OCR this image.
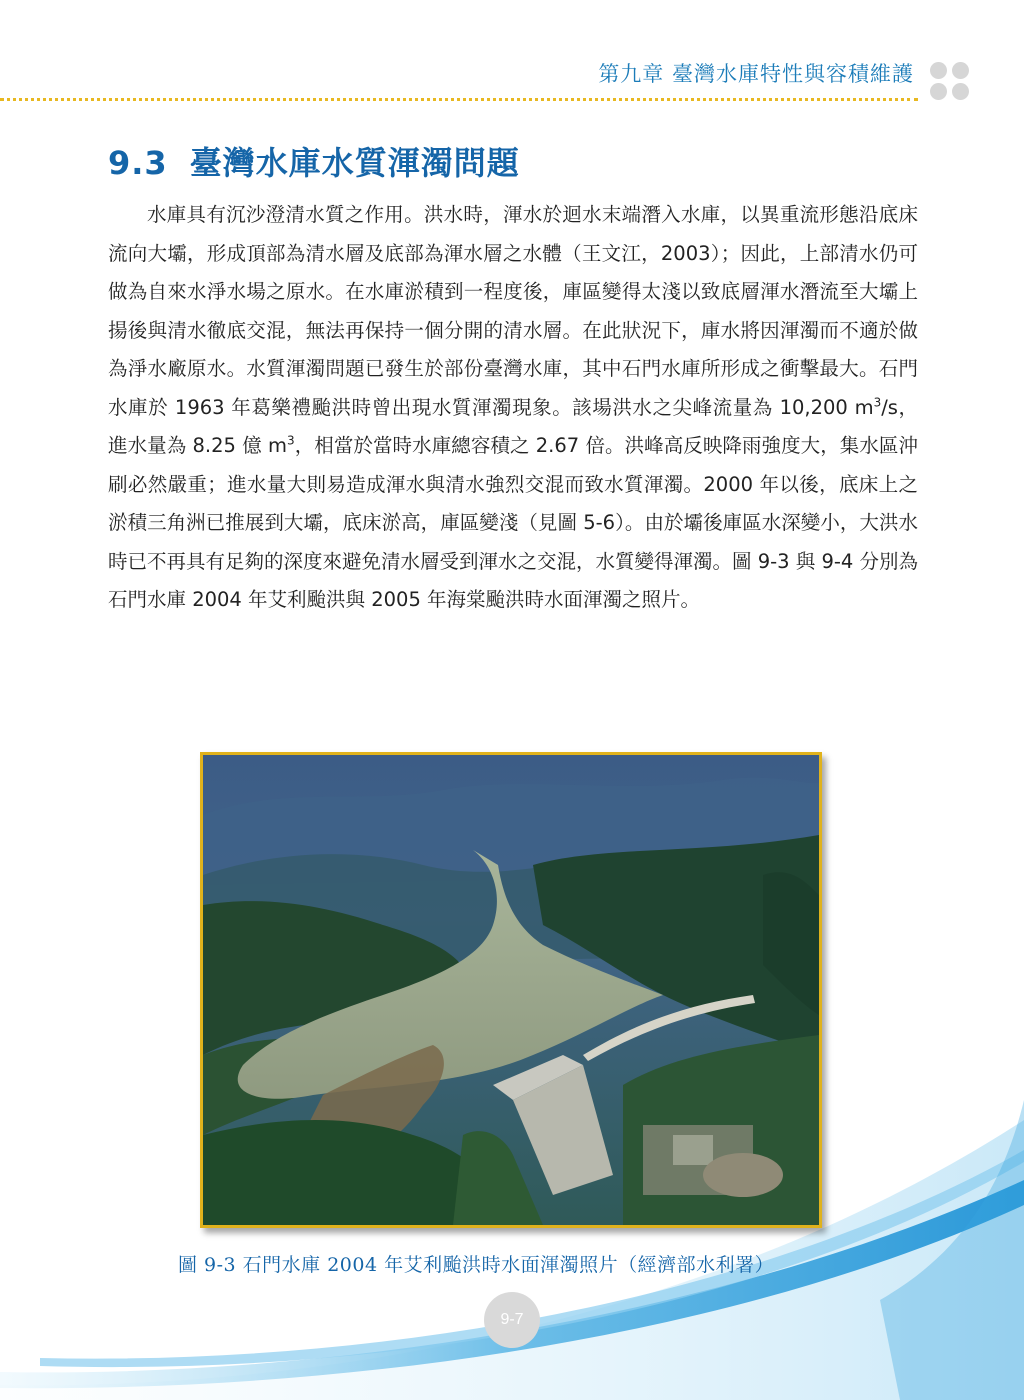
第九章 臺灣水庫特性與容積維護
9.3 臺灣水庫水質渾濁問題
水庫具有沉沙澄清水質之作用。洪水時，渾水於迴水末端潛入水庫，以異重流形態沿底床流向大壩，形成頂部為清水層及底部為渾水層之水體（王文江，2003）；因此，上部清水仍可做為自來水淨水場之原水。在水庫淤積到一程度後，庫區變得太淺以致底層渾水潛流至大壩上揚後與清水徹底交混，無法再保持一個分開的清水層。在此狀況下，庫水將因渾濁而不適於做為淨水廠原水。水質渾濁問題已發生於部份臺灣水庫，其中石門水庫所形成之衝擊最大。石門水庫於 1963 年葛樂禮颱洪時曾出現水質渾濁現象。該場洪水之尖峰流量為 10,200 $m^3/s$，進水量為 8.25 億 $m^3$，相當於當時水庫總容積之 2.67 倍。洪峰高反映降雨強度大，集水區沖刷必然嚴重；進水量大則易造成渾水與清水強烈交混而致水質渾濁。2000 年以後，底床上之淤積三角洲已推展到大壩，底床淤高，庫區變淺（見圖 5-6）。由於壩後庫區水深變小，大洪水時已不再具有足夠的深度來避免清水層受到渾水之交混，水質變得渾濁。圖 9-3 與 9-4 分別為石門水庫 2004 年艾利颱洪與 2005 年海棠颱洪時水面渾濁之照片。
圖 9-3 石門水庫 2004 年艾利颱洪時水面渾濁照片（經濟部水利署）
9-7
